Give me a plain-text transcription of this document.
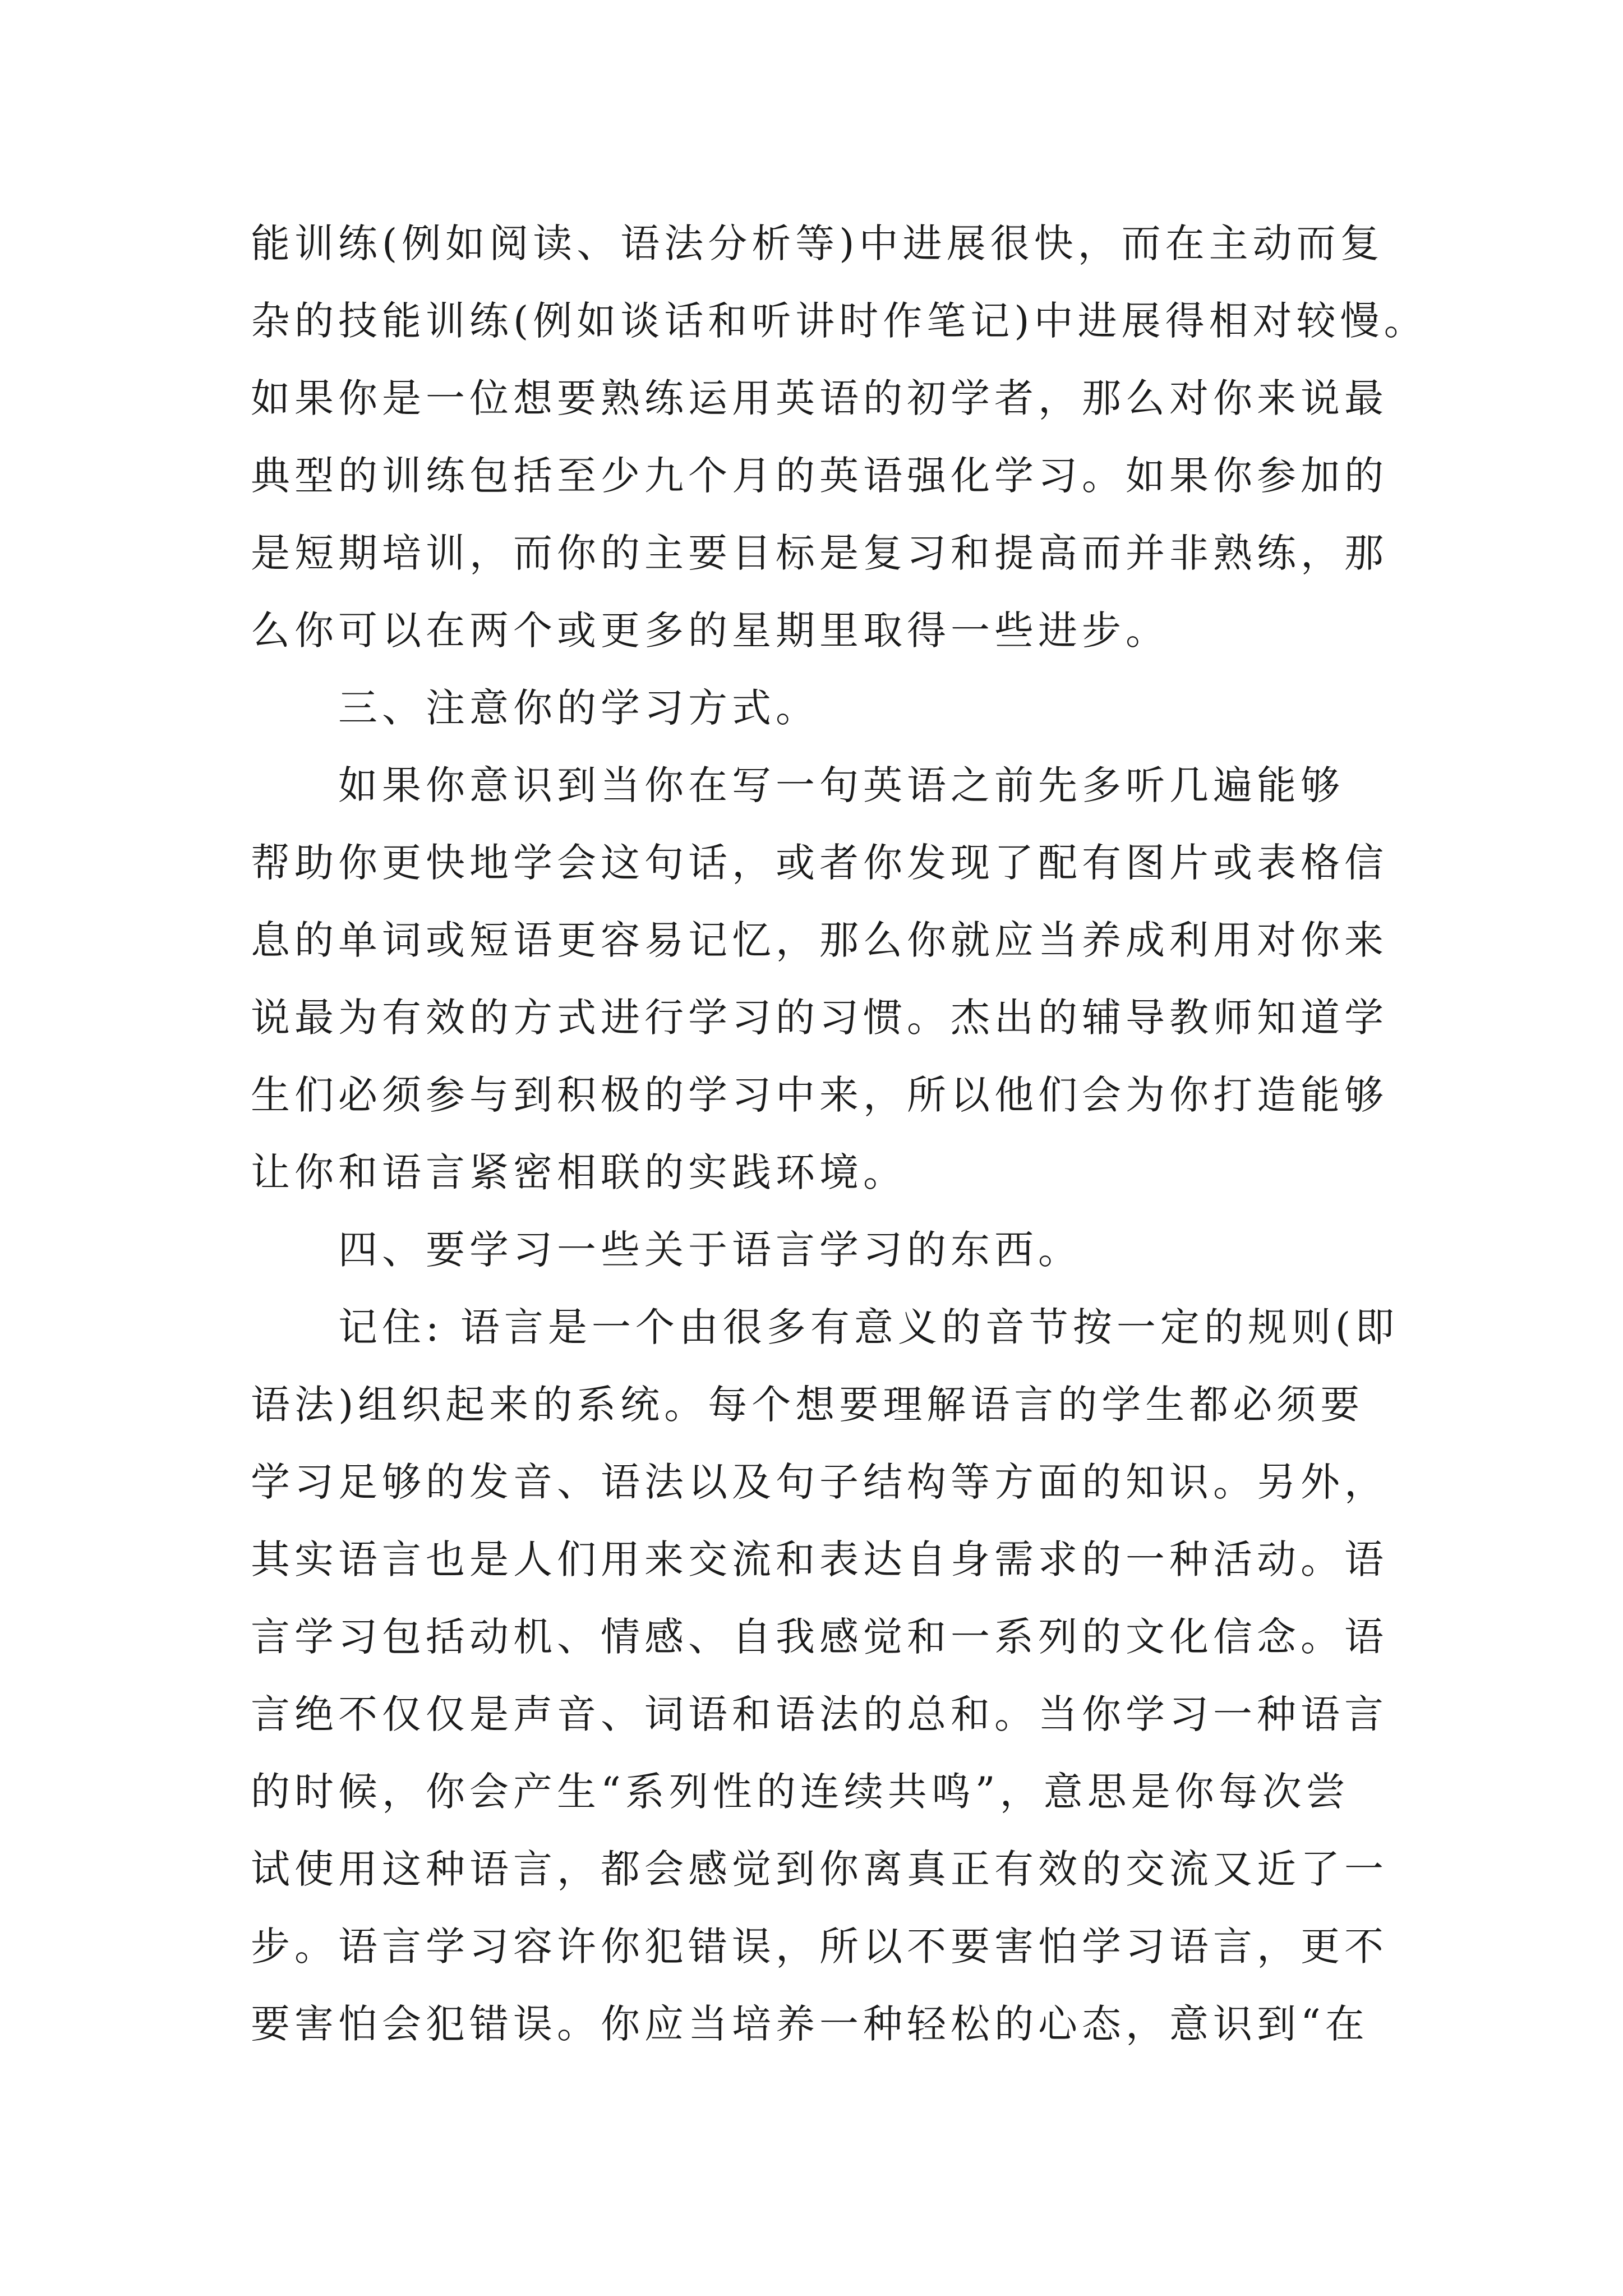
能训练(例如阅读、语法分析等)中进展很快，而在主动而复
杂的技能训练(例如谈话和听讲时作笔记)中进展得相对较慢。
如果你是一位想要熟练运用英语的初学者，那么对你来说最
典型的训练包括至少九个月的英语强化学习。如果你参加的
是短期培训，而你的主要目标是复习和提高而并非熟练，那
么你可以在两个或更多的星期里取得一些进步。
三、注意你的学习方式。
如果你意识到当你在写一句英语之前先多听几遍能够
帮助你更快地学会这句话，或者你发现了配有图片或表格信
息的单词或短语更容易记忆，那么你就应当养成利用对你来
说最为有效的方式进行学习的习惯。杰出的辅导教师知道学
生们必须参与到积极的学习中来，所以他们会为你打造能够
让你和语言紧密相联的实践环境。
四、要学习一些关于语言学习的东西。
记住: 语言是一个由很多有意义的音节按一定的规则(即
语法)组织起来的系统。每个想要理解语言的学生都必须要
学习足够的发音、语法以及句子结构等方面的知识。另外，
其实语言也是人们用来交流和表达自身需求的一种活动。语
言学习包括动机、情感、自我感觉和一系列的文化信念。语
言绝不仅仅是声音、词语和语法的总和。当你学习一种语言
的时候，你会产生“系列性的连续共鸣”，意思是你每次尝
试使用这种语言，都会感觉到你离真正有效的交流又近了一
步。语言学习容许你犯错误，所以不要害怕学习语言，更不
要害怕会犯错误。你应当培养一种轻松的心态，意识到“在
